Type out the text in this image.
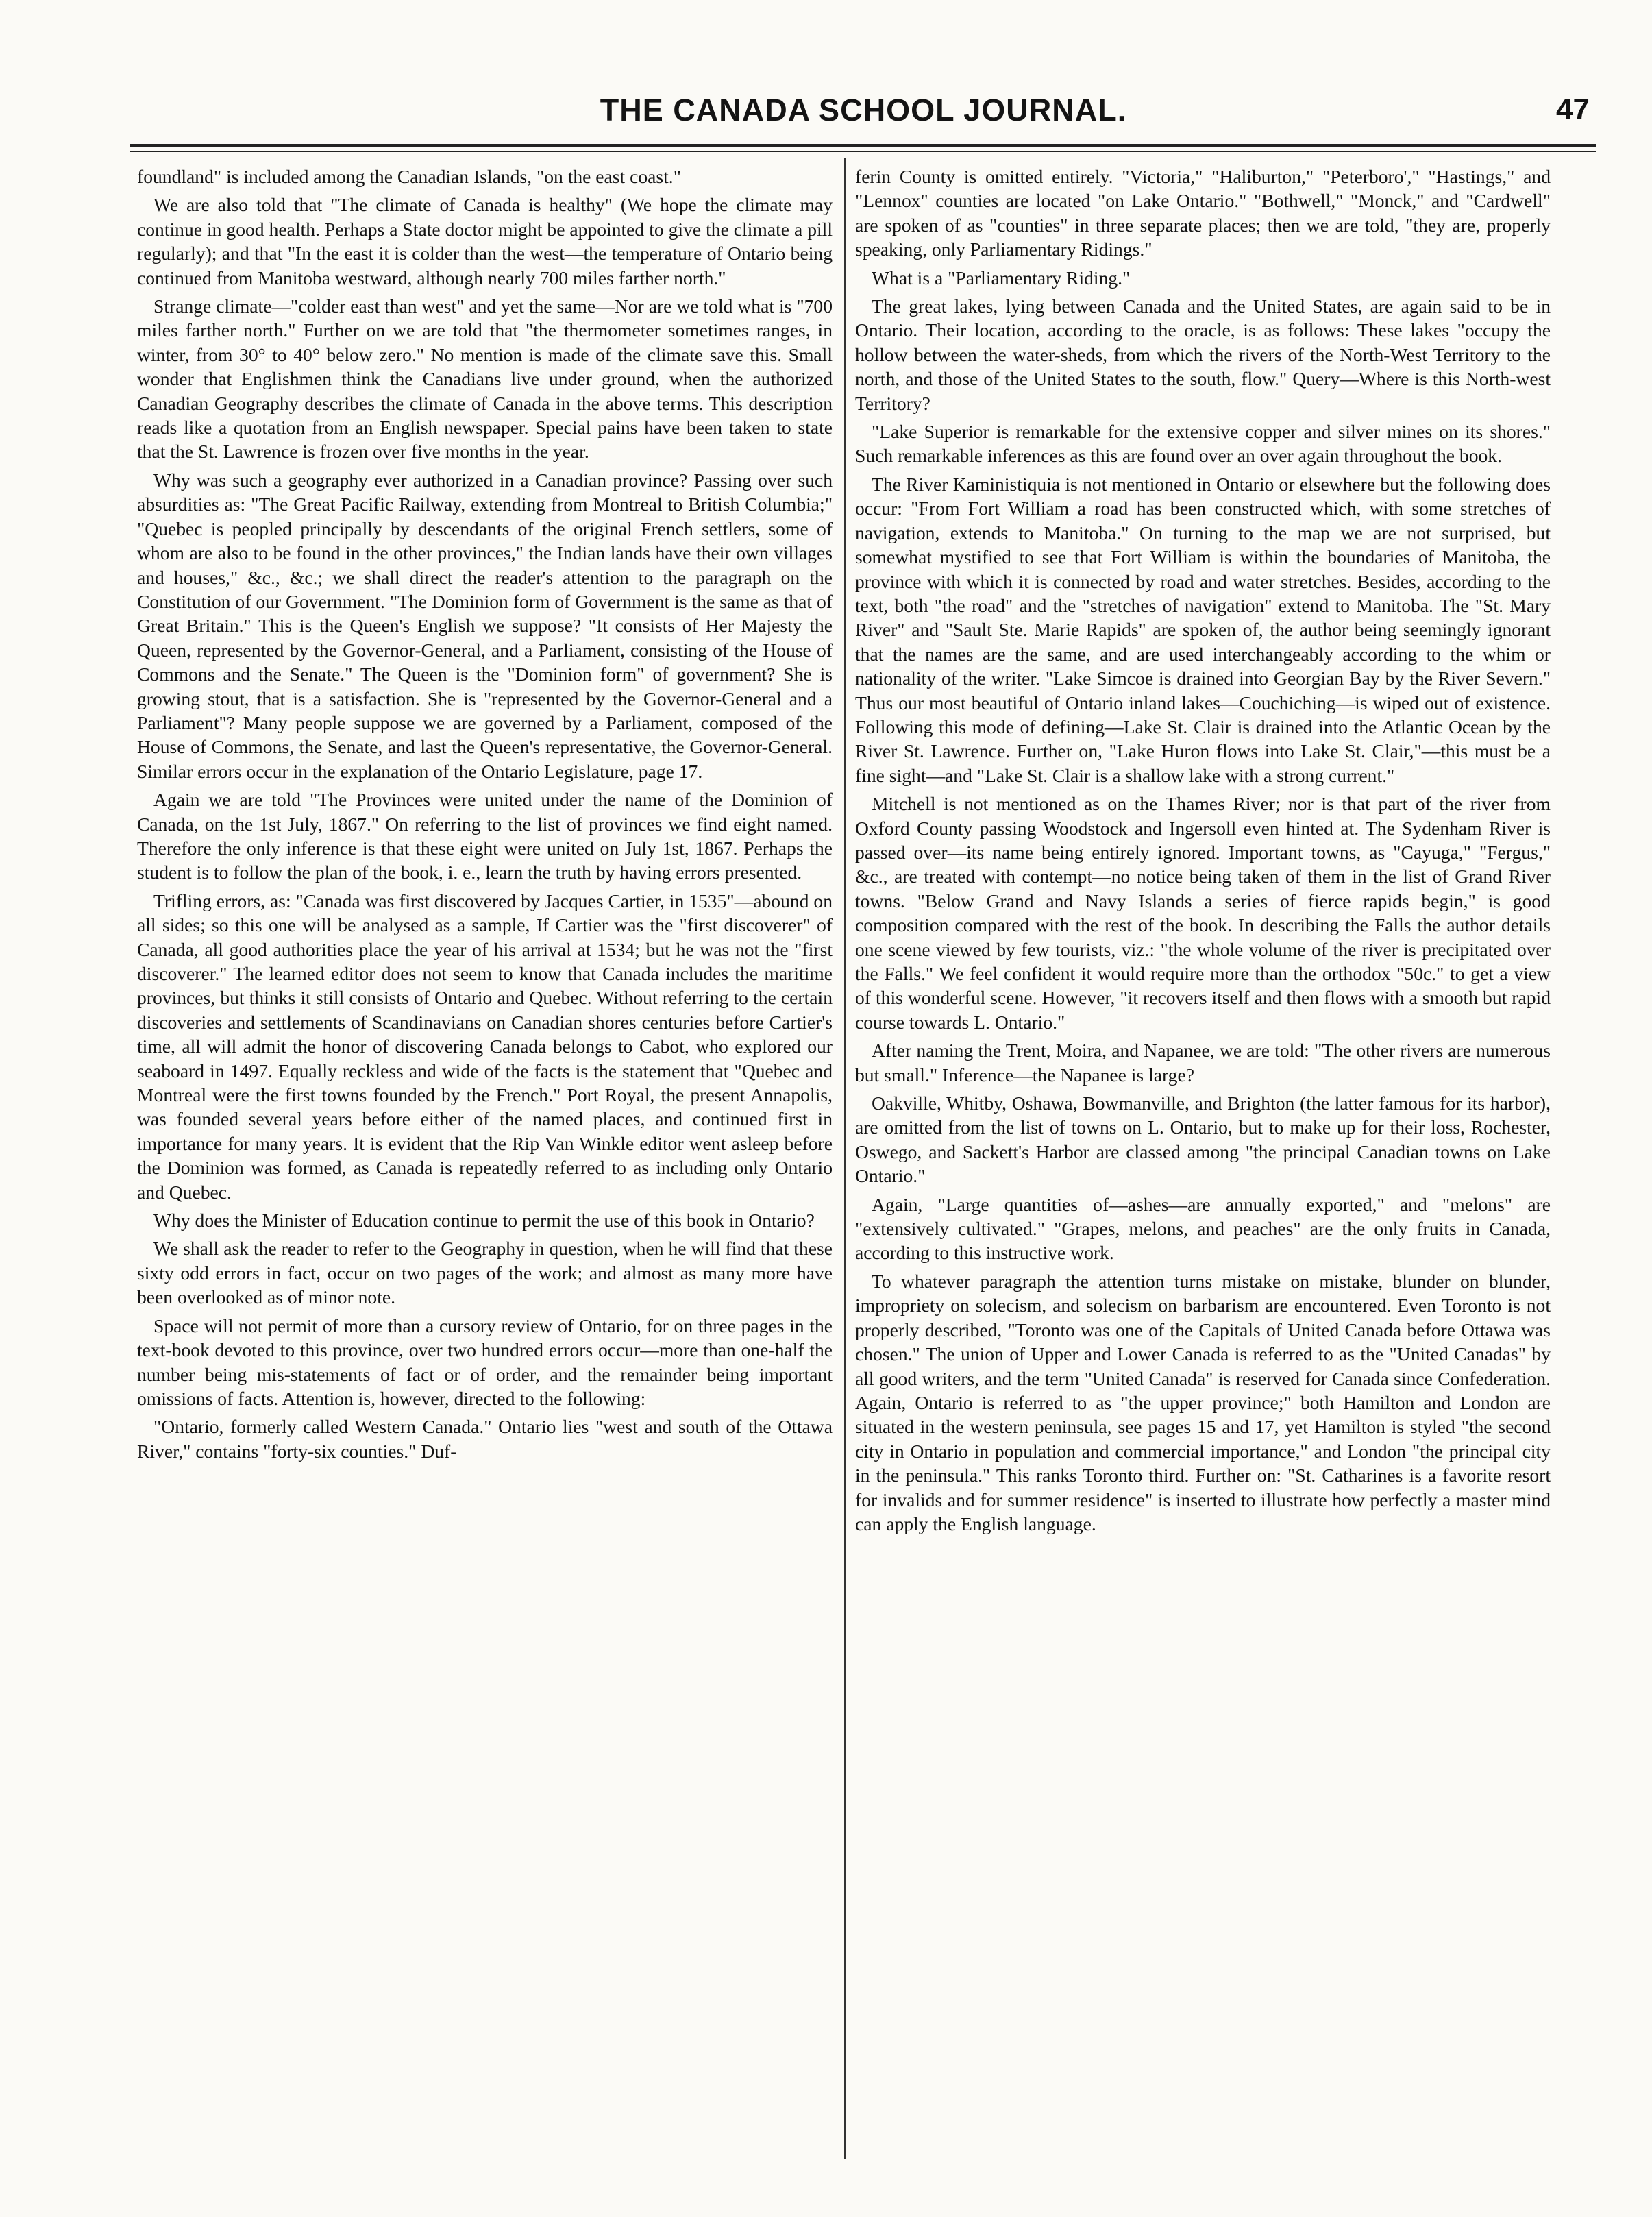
THE CANADA SCHOOL JOURNAL.	47

foundland" is included among the Canadian Islands, "on the east coast."

We are also told that "The climate of Canada is healthy" (We hope the climate may continue in good health. Perhaps a State doctor might be appointed to give the climate a pill regularly); and that "In the east it is colder than the west—the temperature of Ontario being continued from Manitoba westward, although nearly 700 miles farther north."

Strange climate—"colder east than west" and yet the same—Nor are we told what is "700 miles farther north." Further on we are told that "the thermometer sometimes ranges, in winter, from 30° to 40° below zero." No mention is made of the climate save this. Small wonder that Englishmen think the Canadians live under ground, when the authorized Canadian Geography describes the climate of Canada in the above terms. This description reads like a quotation from an English newspaper. Special pains have been taken to state that the St. Lawrence is frozen over five months in the year.

Why was such a geography ever authorized in a Canadian province? Passing over such absurdities as: "The Great Pacific Railway, extending from Montreal to British Columbia;" "Quebec is peopled principally by descendants of the original French settlers, some of whom are also to be found in the other provinces," the Indian lands have their own villages and houses," &c., &c.; we shall direct the reader's attention to the paragraph on the Constitution of our Government. "The Dominion form of Government is the same as that of Great Britain." This is the Queen's English we suppose? "It consists of Her Majesty the Queen, represented by the Governor-General, and a Parliament, consisting of the House of Commons and the Senate." The Queen is the "Dominion form" of government? She is growing stout, that is a satisfaction. She is "represented by the Governor-General and a Parliament"? Many people suppose we are governed by a Parliament, composed of the House of Commons, the Senate, and last the Queen's representative, the Governor-General. Similar errors occur in the explanation of the Ontario Legislature, page 17.

Again we are told "The Provinces were united under the name of the Dominion of Canada, on the 1st July, 1867." On referring to the list of provinces we find eight named. Therefore the only inference is that these eight were united on July 1st, 1867. Perhaps the student is to follow the plan of the book, i. e., learn the truth by having errors presented.

Trifling errors, as: "Canada was first discovered by Jacques Cartier, in 1535"—abound on all sides; so this one will be analysed as a sample, If Cartier was the "first discoverer" of Canada, all good authorities place the year of his arrival at 1534; but he was not the "first discoverer." The learned editor does not seem to know that Canada includes the maritime provinces, but thinks it still consists of Ontario and Quebec. Without referring to the certain discoveries and settlements of Scandinavians on Canadian shores centuries before Cartier's time, all will admit the honor of discovering Canada belongs to Cabot, who explored our seaboard in 1497. Equally reckless and wide of the facts is the statement that "Quebec and Montreal were the first towns founded by the French." Port Royal, the present Annapolis, was founded several years before either of the named places, and continued first in importance for many years. It is evident that the Rip Van Winkle editor went asleep before the Dominion was formed, as Canada is repeatedly referred to as including only Ontario and Quebec.

Why does the Minister of Education continue to permit the use of this book in Ontario?

We shall ask the reader to refer to the Geography in question, when he will find that these sixty odd errors in fact, occur on two pages of the work; and almost as many more have been overlooked as of minor note.

Space will not permit of more than a cursory review of Ontario, for on three pages in the text-book devoted to this province, over two hundred errors occur—more than one-half the number being mis-statements of fact or of order, and the remainder being important omissions of facts. Attention is, however, directed to the following:

"Ontario, formerly called Western Canada." Ontario lies "west and south of the Ottawa River," contains "forty-six counties." Duf-

ferin County is omitted entirely. "Victoria," "Haliburton," "Peterboro'," "Hastings," and "Lennox" counties are located "on Lake Ontario." "Bothwell," "Monck," and "Cardwell" are spoken of as "counties" in three separate places; then we are told, "they are, properly speaking, only Parliamentary Ridings."

What is a "Parliamentary Riding."

The great lakes, lying between Canada and the United States, are again said to be in Ontario. Their location, according to the oracle, is as follows: These lakes "occupy the hollow between the water-sheds, from which the rivers of the North-West Territory to the north, and those of the United States to the south, flow." Query—Where is this North-west Territory?

"Lake Superior is remarkable for the extensive copper and silver mines on its shores." Such remarkable inferences as this are found over an over again throughout the book.

The River Kaministiquia is not mentioned in Ontario or elsewhere but the following does occur: "From Fort William a road has been constructed which, with some stretches of navigation, extends to Manitoba." On turning to the map we are not surprised, but somewhat mystified to see that Fort William is within the boundaries of Manitoba, the province with which it is connected by road and water stretches. Besides, according to the text, both "the road" and the "stretches of navigation" extend to Manitoba. The "St. Mary River" and "Sault Ste. Marie Rapids" are spoken of, the author being seemingly ignorant that the names are the same, and are used interchangeably according to the whim or nationality of the writer. "Lake Simcoe is drained into Georgian Bay by the River Severn." Thus our most beautiful of Ontario inland lakes—Couchiching—is wiped out of existence. Following this mode of defining—Lake St. Clair is drained into the Atlantic Ocean by the River St. Lawrence. Further on, "Lake Huron flows into Lake St. Clair,"—this must be a fine sight—and "Lake St. Clair is a shallow lake with a strong current."

Mitchell is not mentioned as on the Thames River; nor is that part of the river from Oxford County passing Woodstock and Ingersoll even hinted at. The Sydenham River is passed over—its name being entirely ignored. Important towns, as "Cayuga," "Fergus," &c., are treated with contempt—no notice being taken of them in the list of Grand River towns. "Below Grand and Navy Islands a series of fierce rapids begin," is good composition compared with the rest of the book. In describing the Falls the author details one scene viewed by few tourists, viz.: "the whole volume of the river is precipitated over the Falls." We feel confident it would require more than the orthodox "50c." to get a view of this wonderful scene. However, "it recovers itself and then flows with a smooth but rapid course towards L. Ontario."

After naming the Trent, Moira, and Napanee, we are told: "The other rivers are numerous but small." Inference—the Napanee is large?

Oakville, Whitby, Oshawa, Bowmanville, and Brighton (the latter famous for its harbor), are omitted from the list of towns on L. Ontario, but to make up for their loss, Rochester, Oswego, and Sackett's Harbor are classed among "the principal Canadian towns on Lake Ontario."

Again, "Large quantities of—ashes—are annually exported," and "melons" are "extensively cultivated." "Grapes, melons, and peaches" are the only fruits in Canada, according to this instructive work.

To whatever paragraph the attention turns mistake on mistake, blunder on blunder, impropriety on solecism, and solecism on barbarism are encountered. Even Toronto is not properly described, "Toronto was one of the Capitals of United Canada before Ottawa was chosen." The union of Upper and Lower Canada is referred to as the "United Canadas" by all good writers, and the term "United Canada" is reserved for Canada since Confederation. Again, Ontario is referred to as "the upper province;" both Hamilton and London are situated in the western peninsula, see pages 15 and 17, yet Hamilton is styled "the second city in Ontario in population and commercial importance," and London "the principal city in the peninsula." This ranks Toronto third. Further on: "St. Catharines is a favorite resort for invalids and for summer residence" is inserted to illustrate how perfectly a master mind can apply the English language.
